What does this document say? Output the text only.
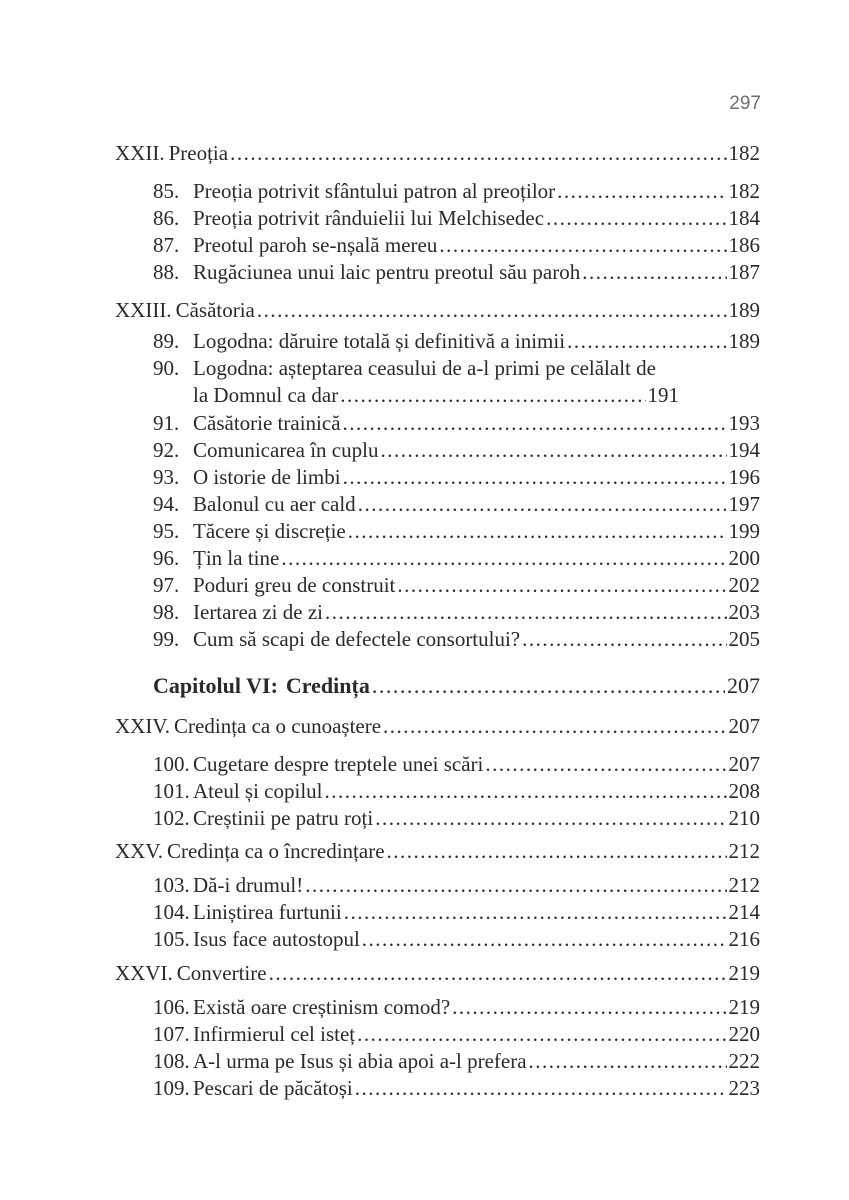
297
XXII. Preoția .....	182
85. Preoția potrivit sfântului patron al preoților .....	182
86. Preoția potrivit rânduielii lui Melchisedec .....	184
87. Preotul paroh se-nșală mereu .....	186
88. Rugăciunea unui laic pentru preotul său paroh .....	187
XXIII. Căsătoria .....	189
89. Logodna: dăruire totală și definitivă a inimii .....	189
90. Logodna: așteptarea ceasului de a-l primi pe celălalt de
la Domnul ca dar .....	191
91. Căsătorie trainică .....	193
92. Comunicarea în cuplu .....	194
93. O istorie de limbi .....	196
94. Balonul cu aer cald .....	197
95. Tăcere și discreție .....	199
96. Țin la tine .....	200
97. Poduri greu de construit .....	202
98. Iertarea zi de zi .....	203
99. Cum să scapi de defectele consortului? .....	205
Capitolul VI: Credința .....	207
XXIV. Credința ca o cunoaștere .....	207
100. Cugetare despre treptele unei scări .....	207
101. Ateul și copilul .....	208
102. Creștinii pe patru roți .....	210
XXV. Credința ca o încredințare .....	212
103. Dă-i drumul! .....	212
104. Liniștirea furtunii .....	214
105. Isus face autostopul .....	216
XXVI. Convertire .....	219
106. Există oare creștinism comod? .....	219
107. Infirmierul cel isteț .....	220
108. A-l urma pe Isus și abia apoi a-l prefera .....	222
109. Pescari de păcătoși .....	223
